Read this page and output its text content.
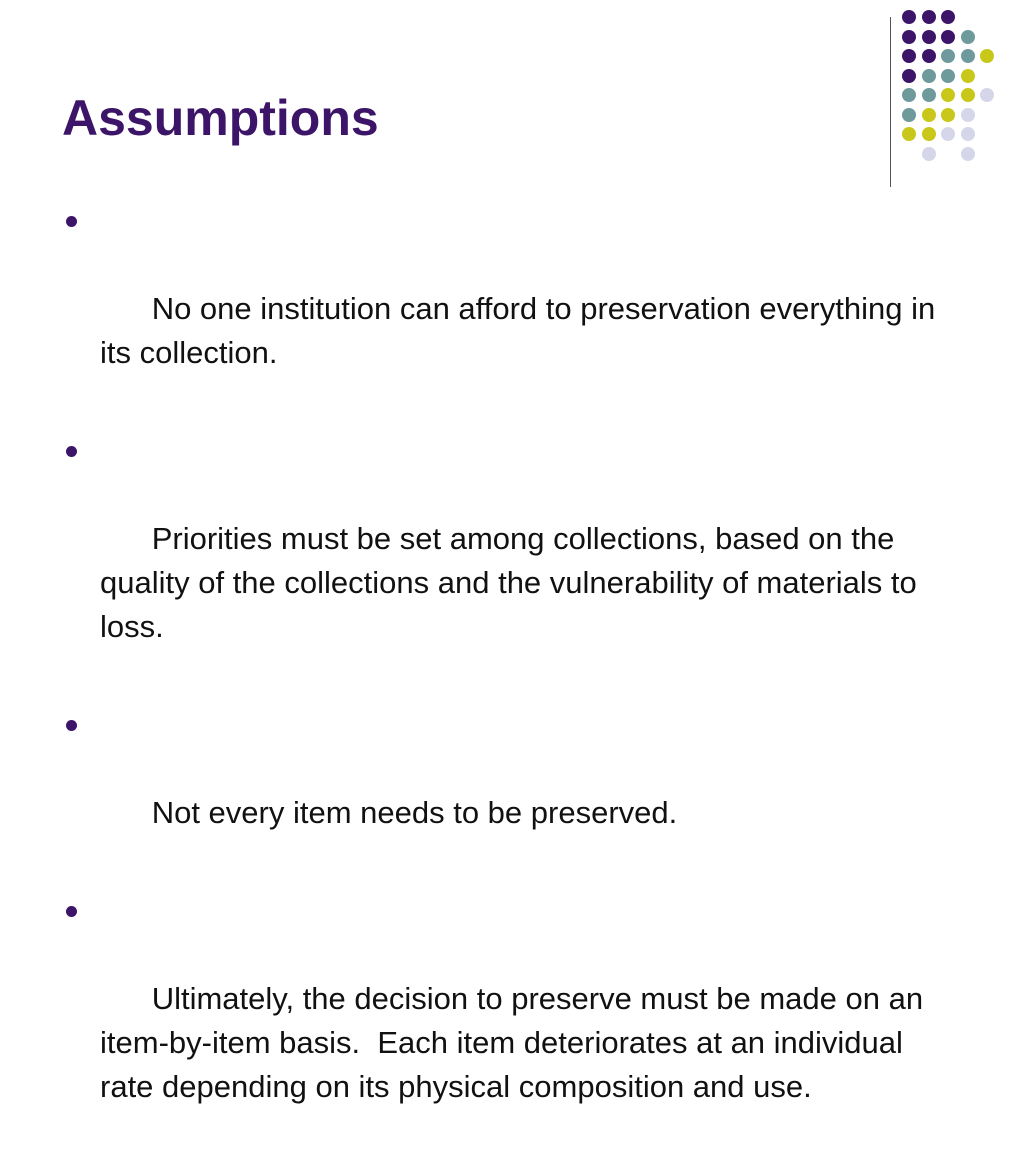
Assumptions

No one institution can afford to preservation everything in its collection.

Priorities must be set among collections, based on the quality of the collections and the vulnerability of materials to loss.

Not every item needs to be preserved.

Ultimately, the decision to preserve must be made on an item-by-item basis.  Each item deteriorates at an individual rate depending on its physical composition and use.
